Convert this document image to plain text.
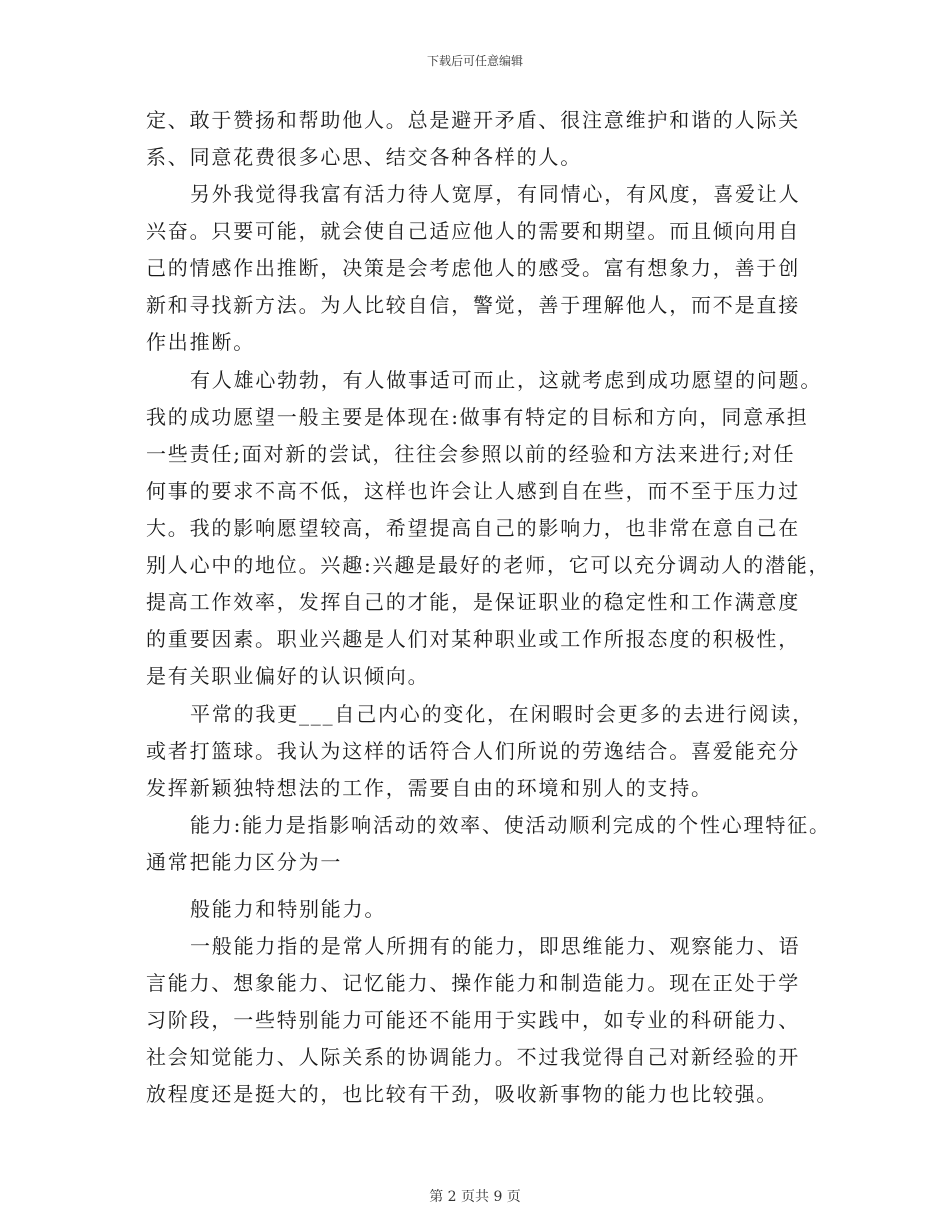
下载后可任意编辑
定、敢于赞扬和帮助他人。总是避开矛盾、很注意维护和谐的人际关
系、同意花费很多心思、结交各种各样的人。
另外我觉得我富有活力待人宽厚，有同情心，有风度，喜爱让人
兴奋。只要可能，就会使自己适应他人的需要和期望。而且倾向用自
己的情感作出推断，决策是会考虑他人的感受。富有想象力，善于创
新和寻找新方法。为人比较自信，警觉，善于理解他人，而不是直接
作出推断。
有人雄心勃勃，有人做事适可而止，这就考虑到成功愿望的问题。
我的成功愿望一般主要是体现在:做事有特定的目标和方向，同意承担
一些责任;面对新的尝试，往往会参照以前的经验和方法来进行;对任
何事的要求不高不低，这样也许会让人感到自在些，而不至于压力过
大。我的影响愿望较高，希望提高自己的影响力，也非常在意自己在
别人心中的地位。兴趣:兴趣是最好的老师，它可以充分调动人的潜能，
提高工作效率，发挥自己的才能，是保证职业的稳定性和工作满意度
的重要因素。职业兴趣是人们对某种职业或工作所报态度的积极性，
是有关职业偏好的认识倾向。
平常的我更___自己内心的变化，在闲暇时会更多的去进行阅读，
或者打篮球。我认为这样的话符合人们所说的劳逸结合。喜爱能充分
发挥新颖独特想法的工作，需要自由的环境和别人的支持。
能力:能力是指影响活动的效率、使活动顺利完成的个性心理特征。
通常把能力区分为一
般能力和特别能力。
一般能力指的是常人所拥有的能力，即思维能力、观察能力、语
言能力、想象能力、记忆能力、操作能力和制造能力。现在正处于学
习阶段，一些特别能力可能还不能用于实践中，如专业的科研能力、
社会知觉能力、人际关系的协调能力。不过我觉得自己对新经验的开
放程度还是挺大的，也比较有干劲，吸收新事物的能力也比较强。
第 2 页共 9 页
